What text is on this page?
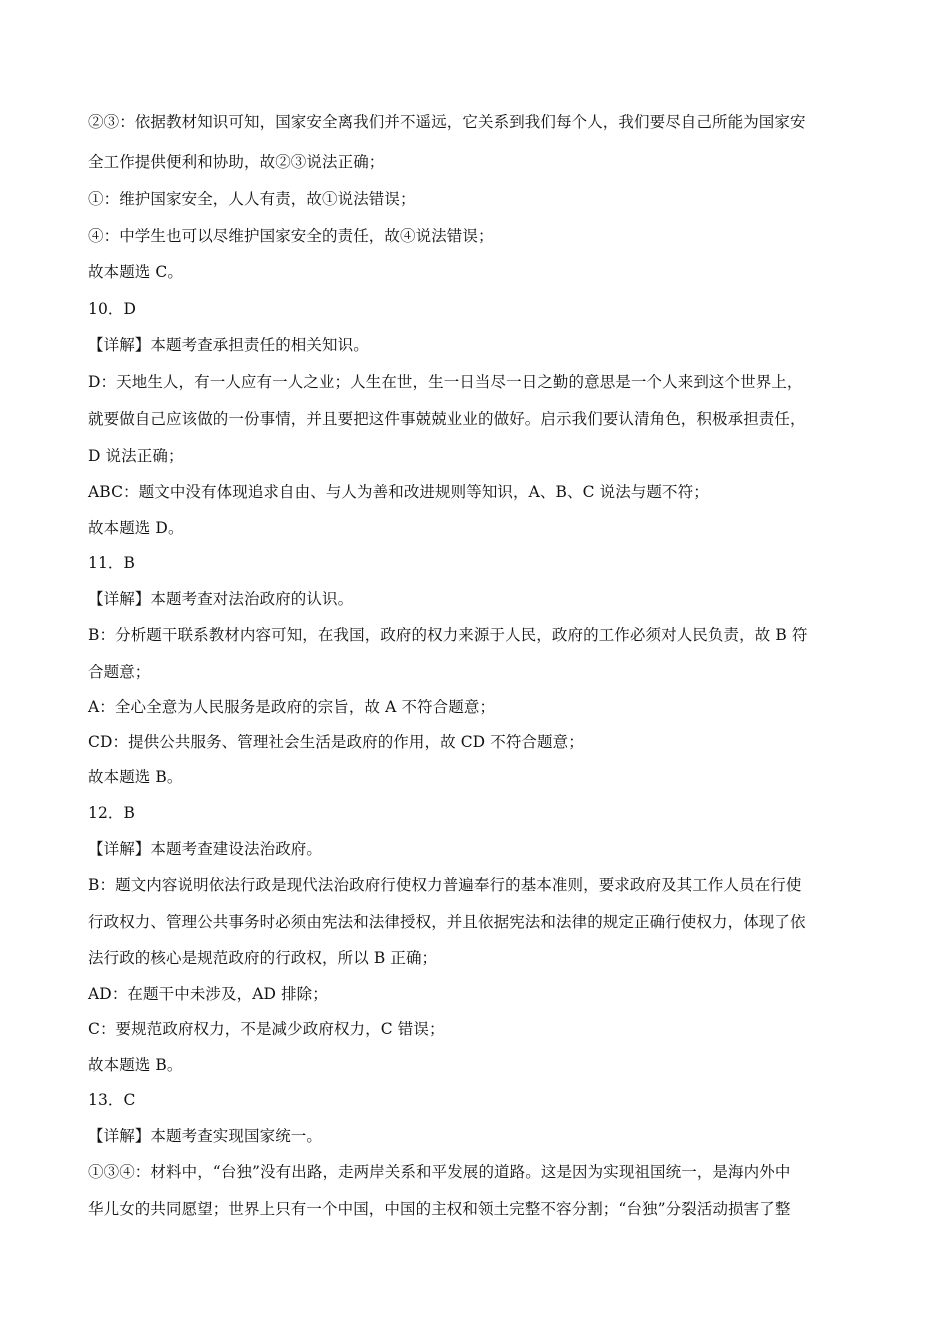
②③：依据教材知识可知，国家安全离我们并不遥远，它关系到我们每个人，我们要尽自己所能为国家安
全工作提供便利和协助，故②③说法正确；
①：维护国家安全，人人有责，故①说法错误；
④：中学生也可以尽维护国家安全的责任，故④说法错误；
故本题选 C。
10．D
【详解】本题考查承担责任的相关知识。
D：天地生人，有一人应有一人之业；人生在世，生一日当尽一日之勤的意思是一个人来到这个世界上，
就要做自己应该做的一份事情，并且要把这件事兢兢业业的做好。启示我们要认清角色，积极承担责任，
D 说法正确；
ABC：题文中没有体现追求自由、与人为善和改进规则等知识，A、B、C 说法与题不符；
故本题选 D。
11．B
【详解】本题考查对法治政府的认识。
B：分析题干联系教材内容可知，在我国，政府的权力来源于人民，政府的工作必须对人民负责，故 B 符
合题意；
A：全心全意为人民服务是政府的宗旨，故 A 不符合题意；
CD：提供公共服务、管理社会生活是政府的作用，故 CD 不符合题意；
故本题选 B。
12．B
【详解】本题考查建设法治政府。
B：题文内容说明依法行政是现代法治政府行使权力普遍奉行的基本准则，要求政府及其工作人员在行使
行政权力、管理公共事务时必须由宪法和法律授权，并且依据宪法和法律的规定正确行使权力，体现了依
法行政的核心是规范政府的行政权，所以 B 正确；
AD：在题干中未涉及，AD 排除；
C：要规范政府权力，不是减少政府权力，C 错误；
故本题选 B。
13．C
【详解】本题考查实现国家统一。
①③④：材料中，“台独”没有出路，走两岸关系和平发展的道路。这是因为实现祖国统一，是海内外中
华儿女的共同愿望；世界上只有一个中国，中国的主权和领土完整不容分割；“台独”分裂活动损害了整
